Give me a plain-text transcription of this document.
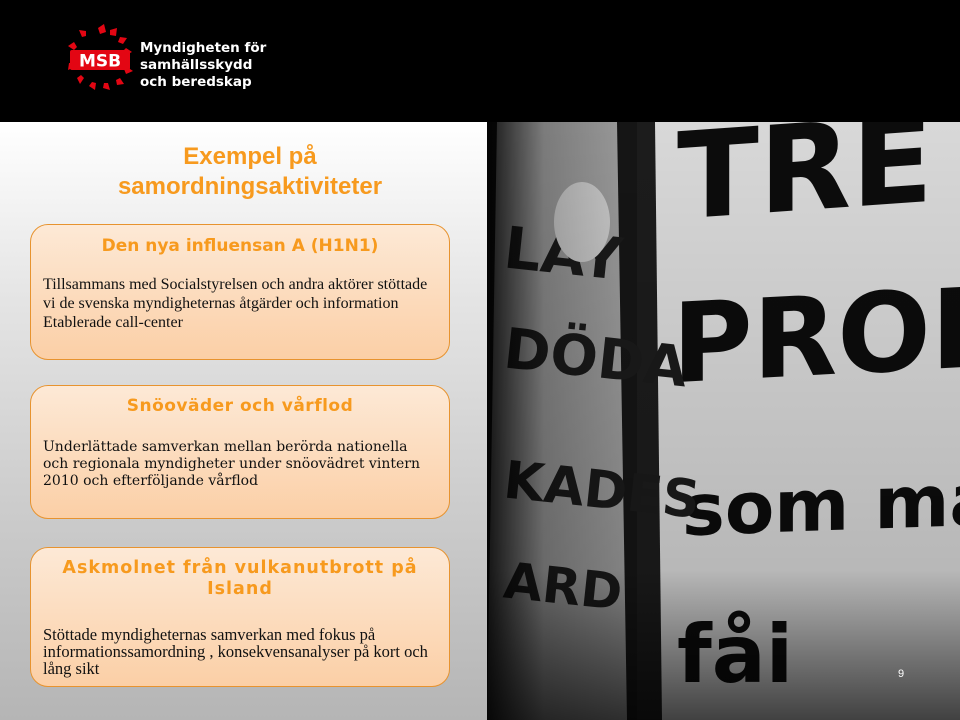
MSB
Myndigheten för
samhällsskydd
och beredskap
Exempel på samordningsaktiviteter
Den nya influensan A (H1N1)

Tillsammans med Socialstyrelsen och andra aktörer stöttade vi de svenska myndigheternas åtgärder och information Etablerade call-center

Snöoväder och vårflod

Underlättade samverkan mellan berörda nationella och regionala myndigheter under snöovädret vintern 2010 och efterföljande vårflod

Askmolnet från vulkanutbrott på Island

Stöttade myndigheternas samverkan med fokus på informationssamordning , konsekvensanalyser på kort och lång sikt	9
